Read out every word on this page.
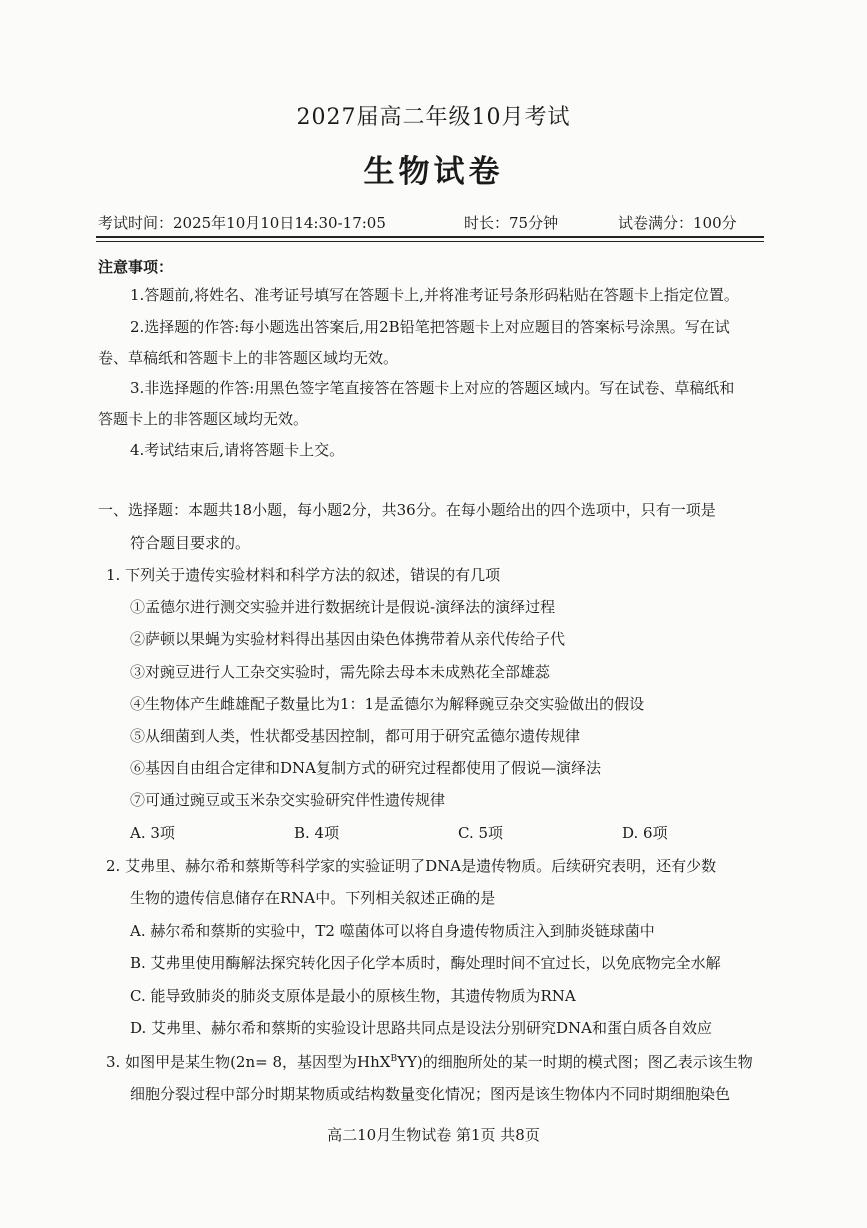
2027届高二年级10月考试
生物试卷
考试时间：2025年10月10日14:30-17:05	时长：75分钟	试卷满分：100分
注意事项：
1.答题前,将姓名、准考证号填写在答题卡上,并将准考证号条形码粘贴在答题卡上指定位置。
2.选择题的作答:每小题选出答案后,用2B铅笔把答题卡上对应题目的答案标号涂黑。写在试
卷、草稿纸和答题卡上的非答题区域均无效。
3.非选择题的作答:用黑色签字笔直接答在答题卡上对应的答题区域内。写在试卷、草稿纸和
答题卡上的非答题区域均无效。
4.考试结束后,请将答题卡上交。
一、选择题：本题共18小题，每小题2分，共36分。在每小题给出的四个选项中，只有一项是
符合题目要求的。
1. 下列关于遗传实验材料和科学方法的叙述，错误的有几项
①孟德尔进行测交实验并进行数据统计是假说-演绎法的演绎过程
②萨顿以果蝇为实验材料得出基因由染色体携带着从亲代传给子代
③对豌豆进行人工杂交实验时，需先除去母本未成熟花全部雄蕊
④生物体产生雌雄配子数量比为1：1是孟德尔为解释豌豆杂交实验做出的假设
⑤从细菌到人类，性状都受基因控制，都可用于研究孟德尔遗传规律
⑥基因自由组合定律和DNA复制方式的研究过程都使用了假说—演绎法
⑦可通过豌豆或玉米杂交实验研究伴性遗传规律
A. 3项	B. 4项	C. 5项	D. 6项
2. 艾弗里、赫尔希和蔡斯等科学家的实验证明了DNA是遗传物质。后续研究表明，还有少数
生物的遗传信息储存在RNA中。下列相关叙述正确的是
A. 赫尔希和蔡斯的实验中，T2 噬菌体可以将自身遗传物质注入到肺炎链球菌中
B. 艾弗里使用酶解法探究转化因子化学本质时，酶处理时间不宜过长，以免底物完全水解
C. 能导致肺炎的肺炎支原体是最小的原核生物，其遗传物质为RNA
D. 艾弗里、赫尔希和蔡斯的实验设计思路共同点是设法分别研究DNA和蛋白质各自效应
3. 如图甲是某生物(2n= 8，基因型为HhX$^B$YY)的细胞所处的某一时期的模式图；图乙表示该生物
细胞分裂过程中部分时期某物质或结构数量变化情况；图丙是该生物体内不同时期细胞染色
高二10月生物试卷 第1页 共8页
